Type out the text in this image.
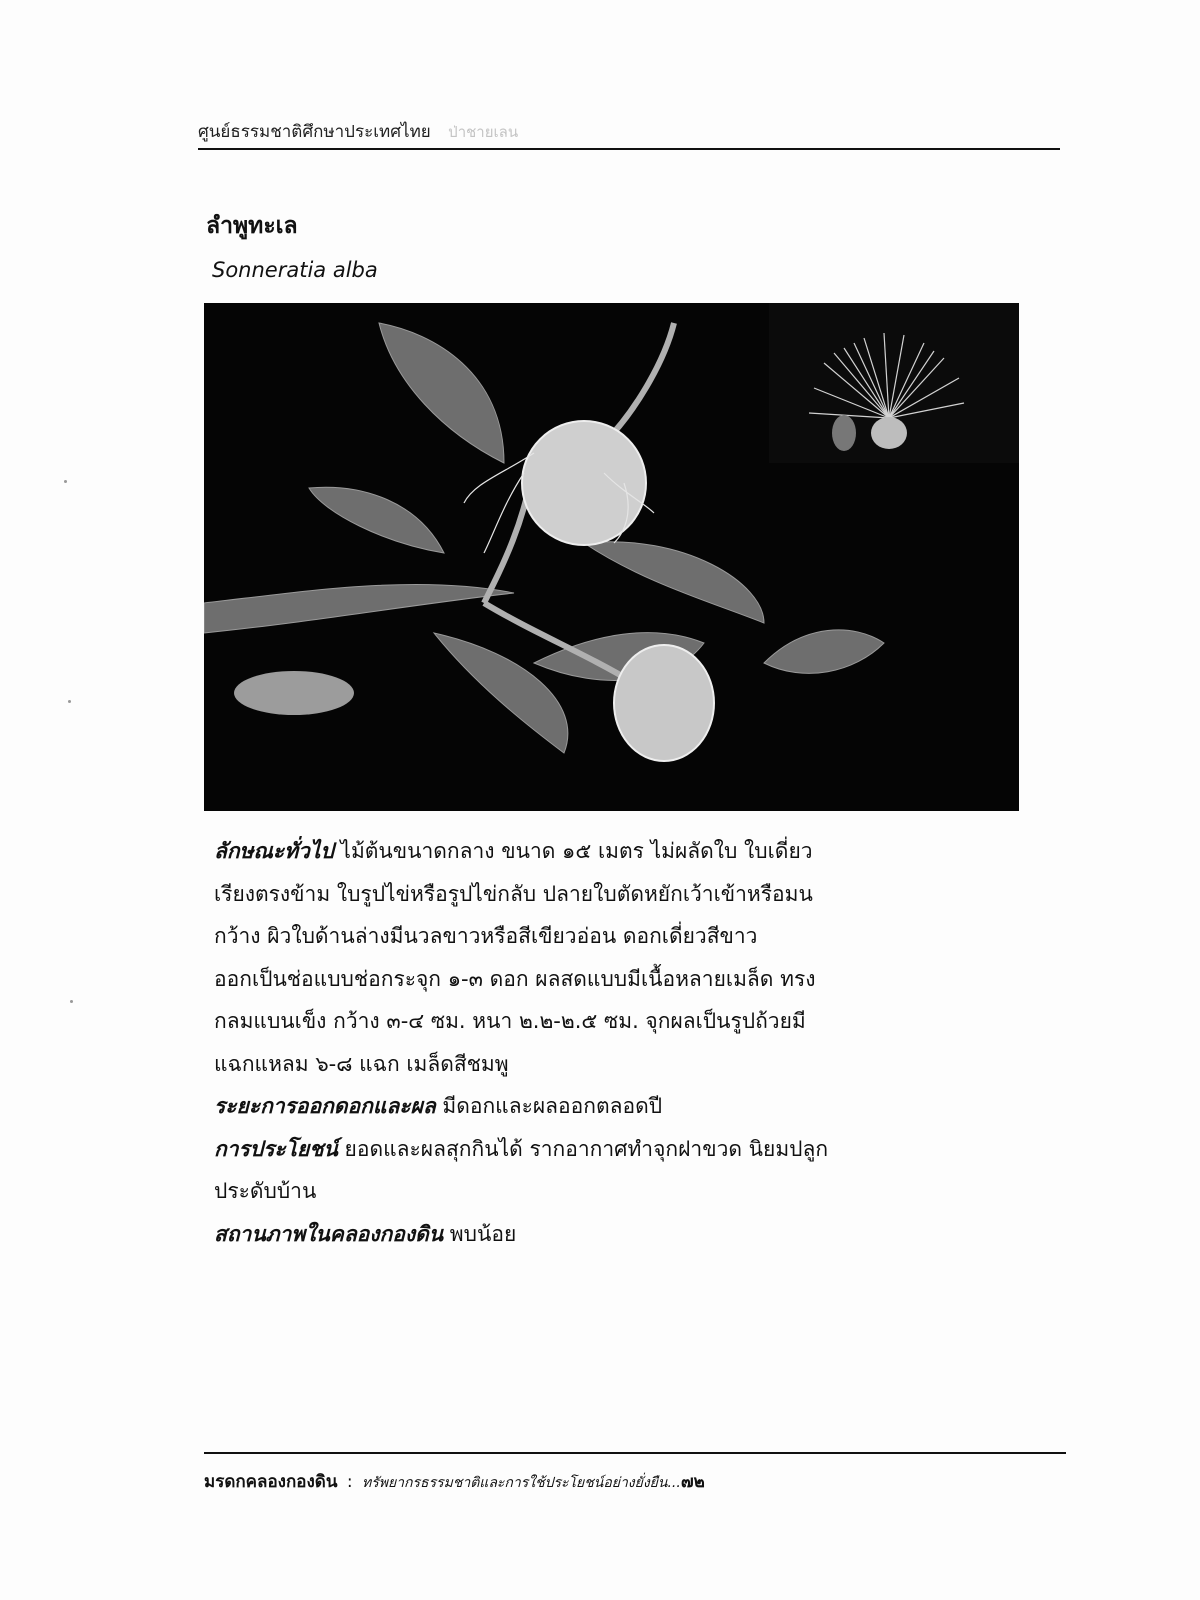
ศูนย์ธรรมชาติศึกษาประเทศไทย ป่าชายเลน
ลำพูทะเล
Sonneratia alba
ลักษณะทั่วไป ไม้ต้นขนาดกลาง ขนาด ๑๕ เมตร ไม่ผลัดใบ ใบเดี่ยว
เรียงตรงข้าม ใบรูปไข่หรือรูปไข่กลับ ปลายใบตัดหยักเว้าเข้าหรือมน
กว้าง ผิวใบด้านล่างมีนวลขาวหรือสีเขียวอ่อน ดอกเดี่ยวสีขาว
ออกเป็นช่อแบบช่อกระจุก ๑-๓ ดอก ผลสดแบบมีเนื้อหลายเมล็ด ทรง
กลมแบนเข็ง กว้าง ๓-๔ ซม. หนา ๒.๒-๒.๕ ซม. จุกผลเป็นรูปถ้วยมี
แฉกแหลม ๖-๘ แฉก เมล็ดสีชมพู
ระยะการออกดอกและผล มีดอกและผลออกตลอดปี
การประโยชน์ ยอดและผลสุกกินได้ รากอากาศทำจุกฝาขวด นิยมปลูก
ประดับบ้าน
สถานภาพในคลองกองดิน พบน้อย
มรดกคลองกองดิน : ทรัพยากรธรรมชาติและการใช้ประโยชน์อย่างยั่งยืน...๗๒
